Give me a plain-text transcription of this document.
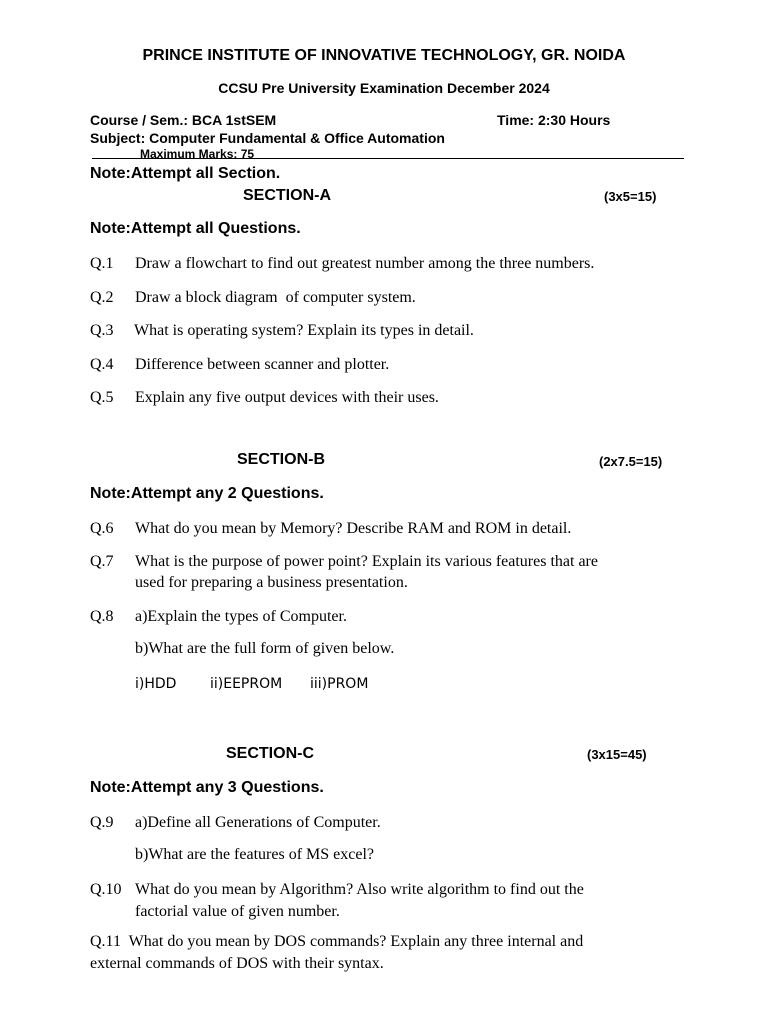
PRINCE INSTITUTE OF INNOVATIVE TECHNOLOGY, GR. NOIDA
CCSU Pre University Examination December 2024
Course / Sem.: BCA 1stSEM	Time: 2:30 Hours
Subject: Computer Fundamental & Office Automation
Maximum Marks: 75
Note:Attempt all Section.
SECTION-A	(3x5=15)
Note:Attempt all Questions.
Q.1 Draw a flowchart to find out greatest number among the three numbers.
Q.2 Draw a block diagram  of computer system.
Q.3 What is operating system? Explain its types in detail.
Q.4 Difference between scanner and plotter.
Q.5 Explain any five output devices with their uses.
SECTION-B	(2x7.5=15)
Note:Attempt any 2 Questions.
Q.6 What do you mean by Memory? Describe RAM and ROM in detail.
Q.7 What is the purpose of power point? Explain its various features that are
used for preparing a business presentation.
Q.8 a)Explain the types of Computer.
b)What are the full form of given below.
i)HDD ii)EEPROM iii)PROM
SECTION-C	(3x15=45)
Note:Attempt any 3 Questions.
Q.9 a)Define all Generations of Computer.
b)What are the features of MS excel?
Q.10 What do you mean by Algorithm? Also write algorithm to find out the
factorial value of given number.
Q.11  What do you mean by DOS commands? Explain any three internal and
external commands of DOS with their syntax.
